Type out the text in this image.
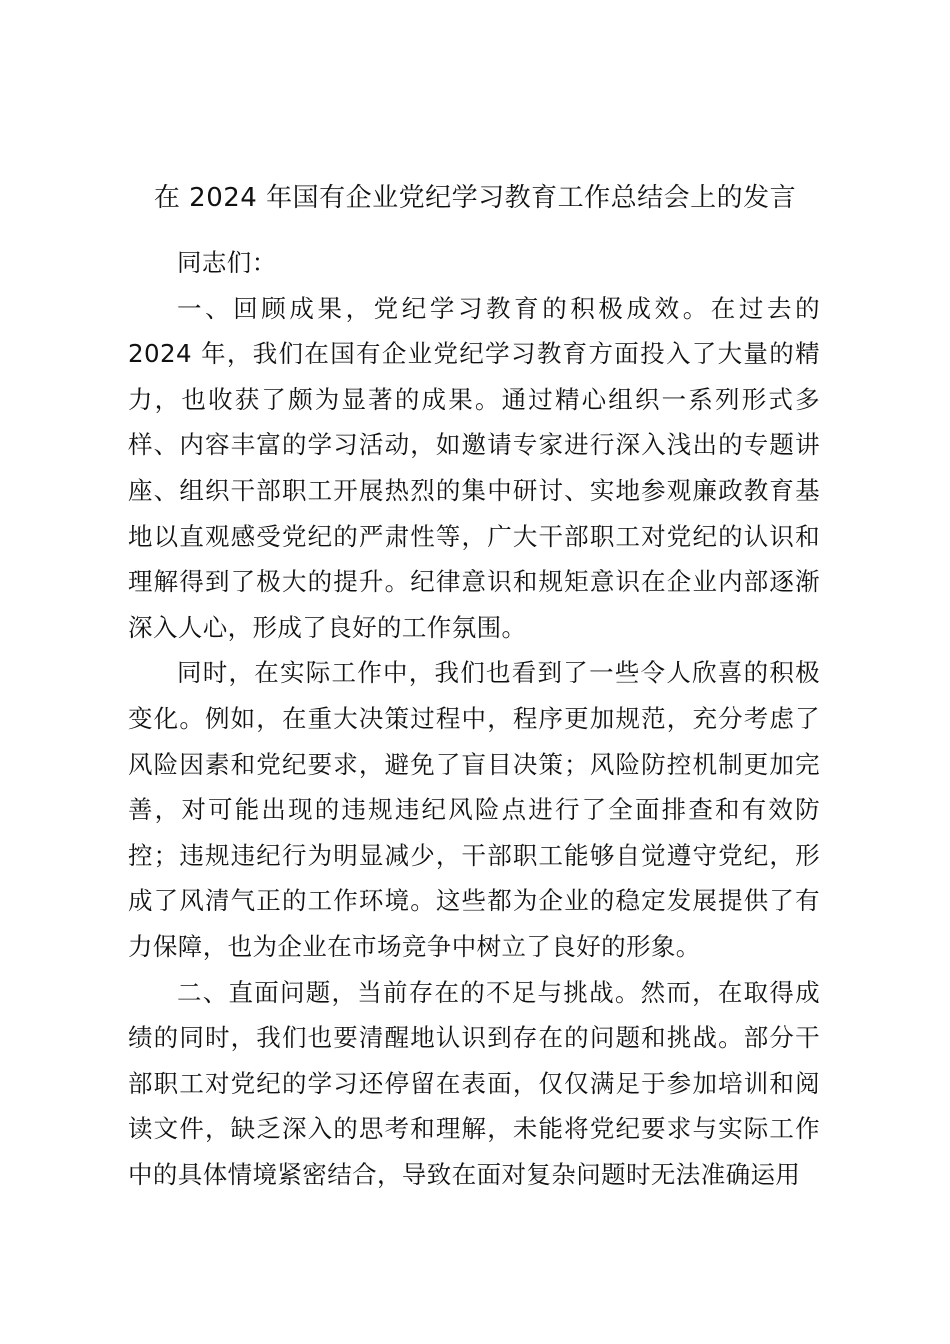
在 2024 年国有企业党纪学习教育工作总结会上的发言

同志们：

一、回顾成果，党纪学习教育的积极成效。在过去的 2024 年，我们在国有企业党纪学习教育方面投入了大量的精力，也收获了颇为显著的成果。通过精心组织一系列形式多样、内容丰富的学习活动，如邀请专家进行深入浅出的专题讲座、组织干部职工开展热烈的集中研讨、实地参观廉政教育基地以直观感受党纪的严肃性等，广大干部职工对党纪的认识和理解得到了极大的提升。纪律意识和规矩意识在企业内部逐渐深入人心，形成了良好的工作氛围。

同时，在实际工作中，我们也看到了一些令人欣喜的积极变化。例如，在重大决策过程中，程序更加规范，充分考虑了风险因素和党纪要求，避免了盲目决策；风险防控机制更加完善，对可能出现的违规违纪风险点进行了全面排查和有效防控；违规违纪行为明显减少，干部职工能够自觉遵守党纪，形成了风清气正的工作环境。这些都为企业的稳定发展提供了有力保障，也为企业在市场竞争中树立了良好的形象。

二、直面问题，当前存在的不足与挑战。然而，在取得成绩的同时，我们也要清醒地认识到存在的问题和挑战。部分干部职工对党纪的学习还停留在表面，仅仅满足于参加培训和阅读文件，缺乏深入的思考和理解，未能将党纪要求与实际工作中的具体情境紧密结合，导致在面对复杂问题时无法准确运用
